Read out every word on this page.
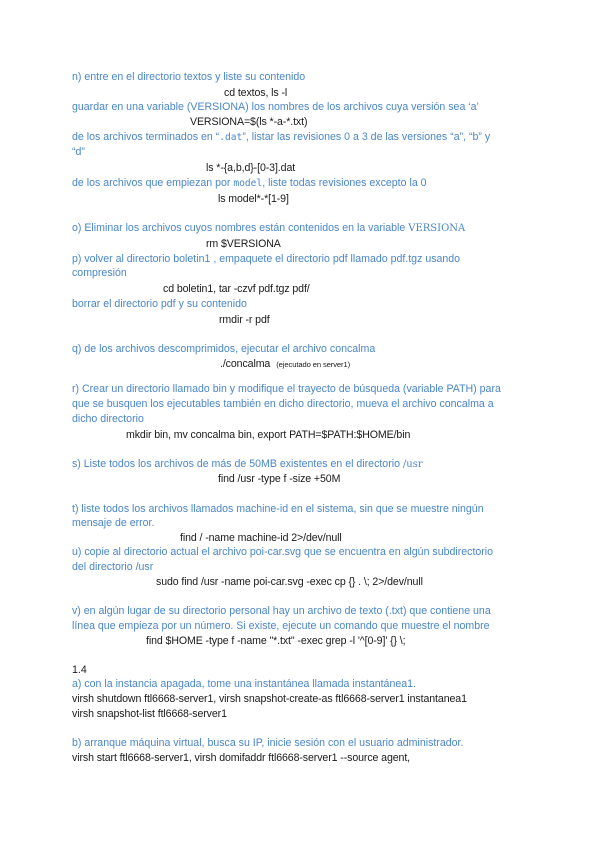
n) entre en el directorio textos y liste su contenido
cd textos, ls -l
guardar en una variable (VERSIONA) los nombres de los archivos cuya versión sea ‘a’
VERSIONA=$(ls *-a-*.txt)
de los archivos terminados en “.dat”, listar las revisiones 0 a 3 de las versiones “a”, “b” y
“d”
ls *-{a,b,d}-[0-3].dat
de los archivos que empiezan por model, liste todas revisiones excepto la 0
ls model*-*[1-9]
o) Eliminar los archivos cuyos nombres están contenidos en la variable VERSIONA
rm $VERSIONA
p) volver al directorio boletin1 , empaquete el directorio pdf llamado pdf.tgz usando
compresión
cd boletin1, tar -czvf pdf.tgz pdf/
borrar el directorio pdf y su contenido
rmdir -r pdf
q) de los archivos descomprimidos, ejecutar el archivo concalma
./concalma (ejecutado en server1)
r) Crear un directorio llamado bin y modifique el trayecto de búsqueda (variable PATH) para
que se busquen los ejecutables también en dicho directorio, mueva el archivo concalma a
dicho directorio
mkdir bin, mv concalma bin, export PATH=$PATH:$HOME/bin
s) Liste todos los archivos de más de 50MB existentes en el directorio /usr
find /usr -type f -size +50M
t) liste todos los archivos llamados machine-id en el sistema, sin que se muestre ningún
mensaje de error.
find / -name machine-id 2>/dev/null
u) copie al directorio actual el archivo poi-car.svg que se encuentra en algún subdirectorio
del directorio /usr
sudo find /usr -name poi-car.svg -exec cp {} . \; 2>/dev/null
v) en algún lugar de su directorio personal hay un archivo de texto (.txt) que contiene una
línea que empieza por un número. Si existe, ejecute un comando que muestre el nombre
find $HOME -type f -name "*.txt" -exec grep -l '^[0-9]' {} \;
1.4
a) con la instancia apagada, tome una instantánea llamada instantánea1.
virsh shutdown ftl6668-server1, virsh snapshot-create-as ftl6668-server1 instantanea1
virsh snapshot-list ftl6668-server1
b) arranque máquina virtual, busca su IP, inicie sesión con el usuario administrador.
virsh start ftl6668-server1, virsh domifaddr ftl6668-server1 --source agent,
